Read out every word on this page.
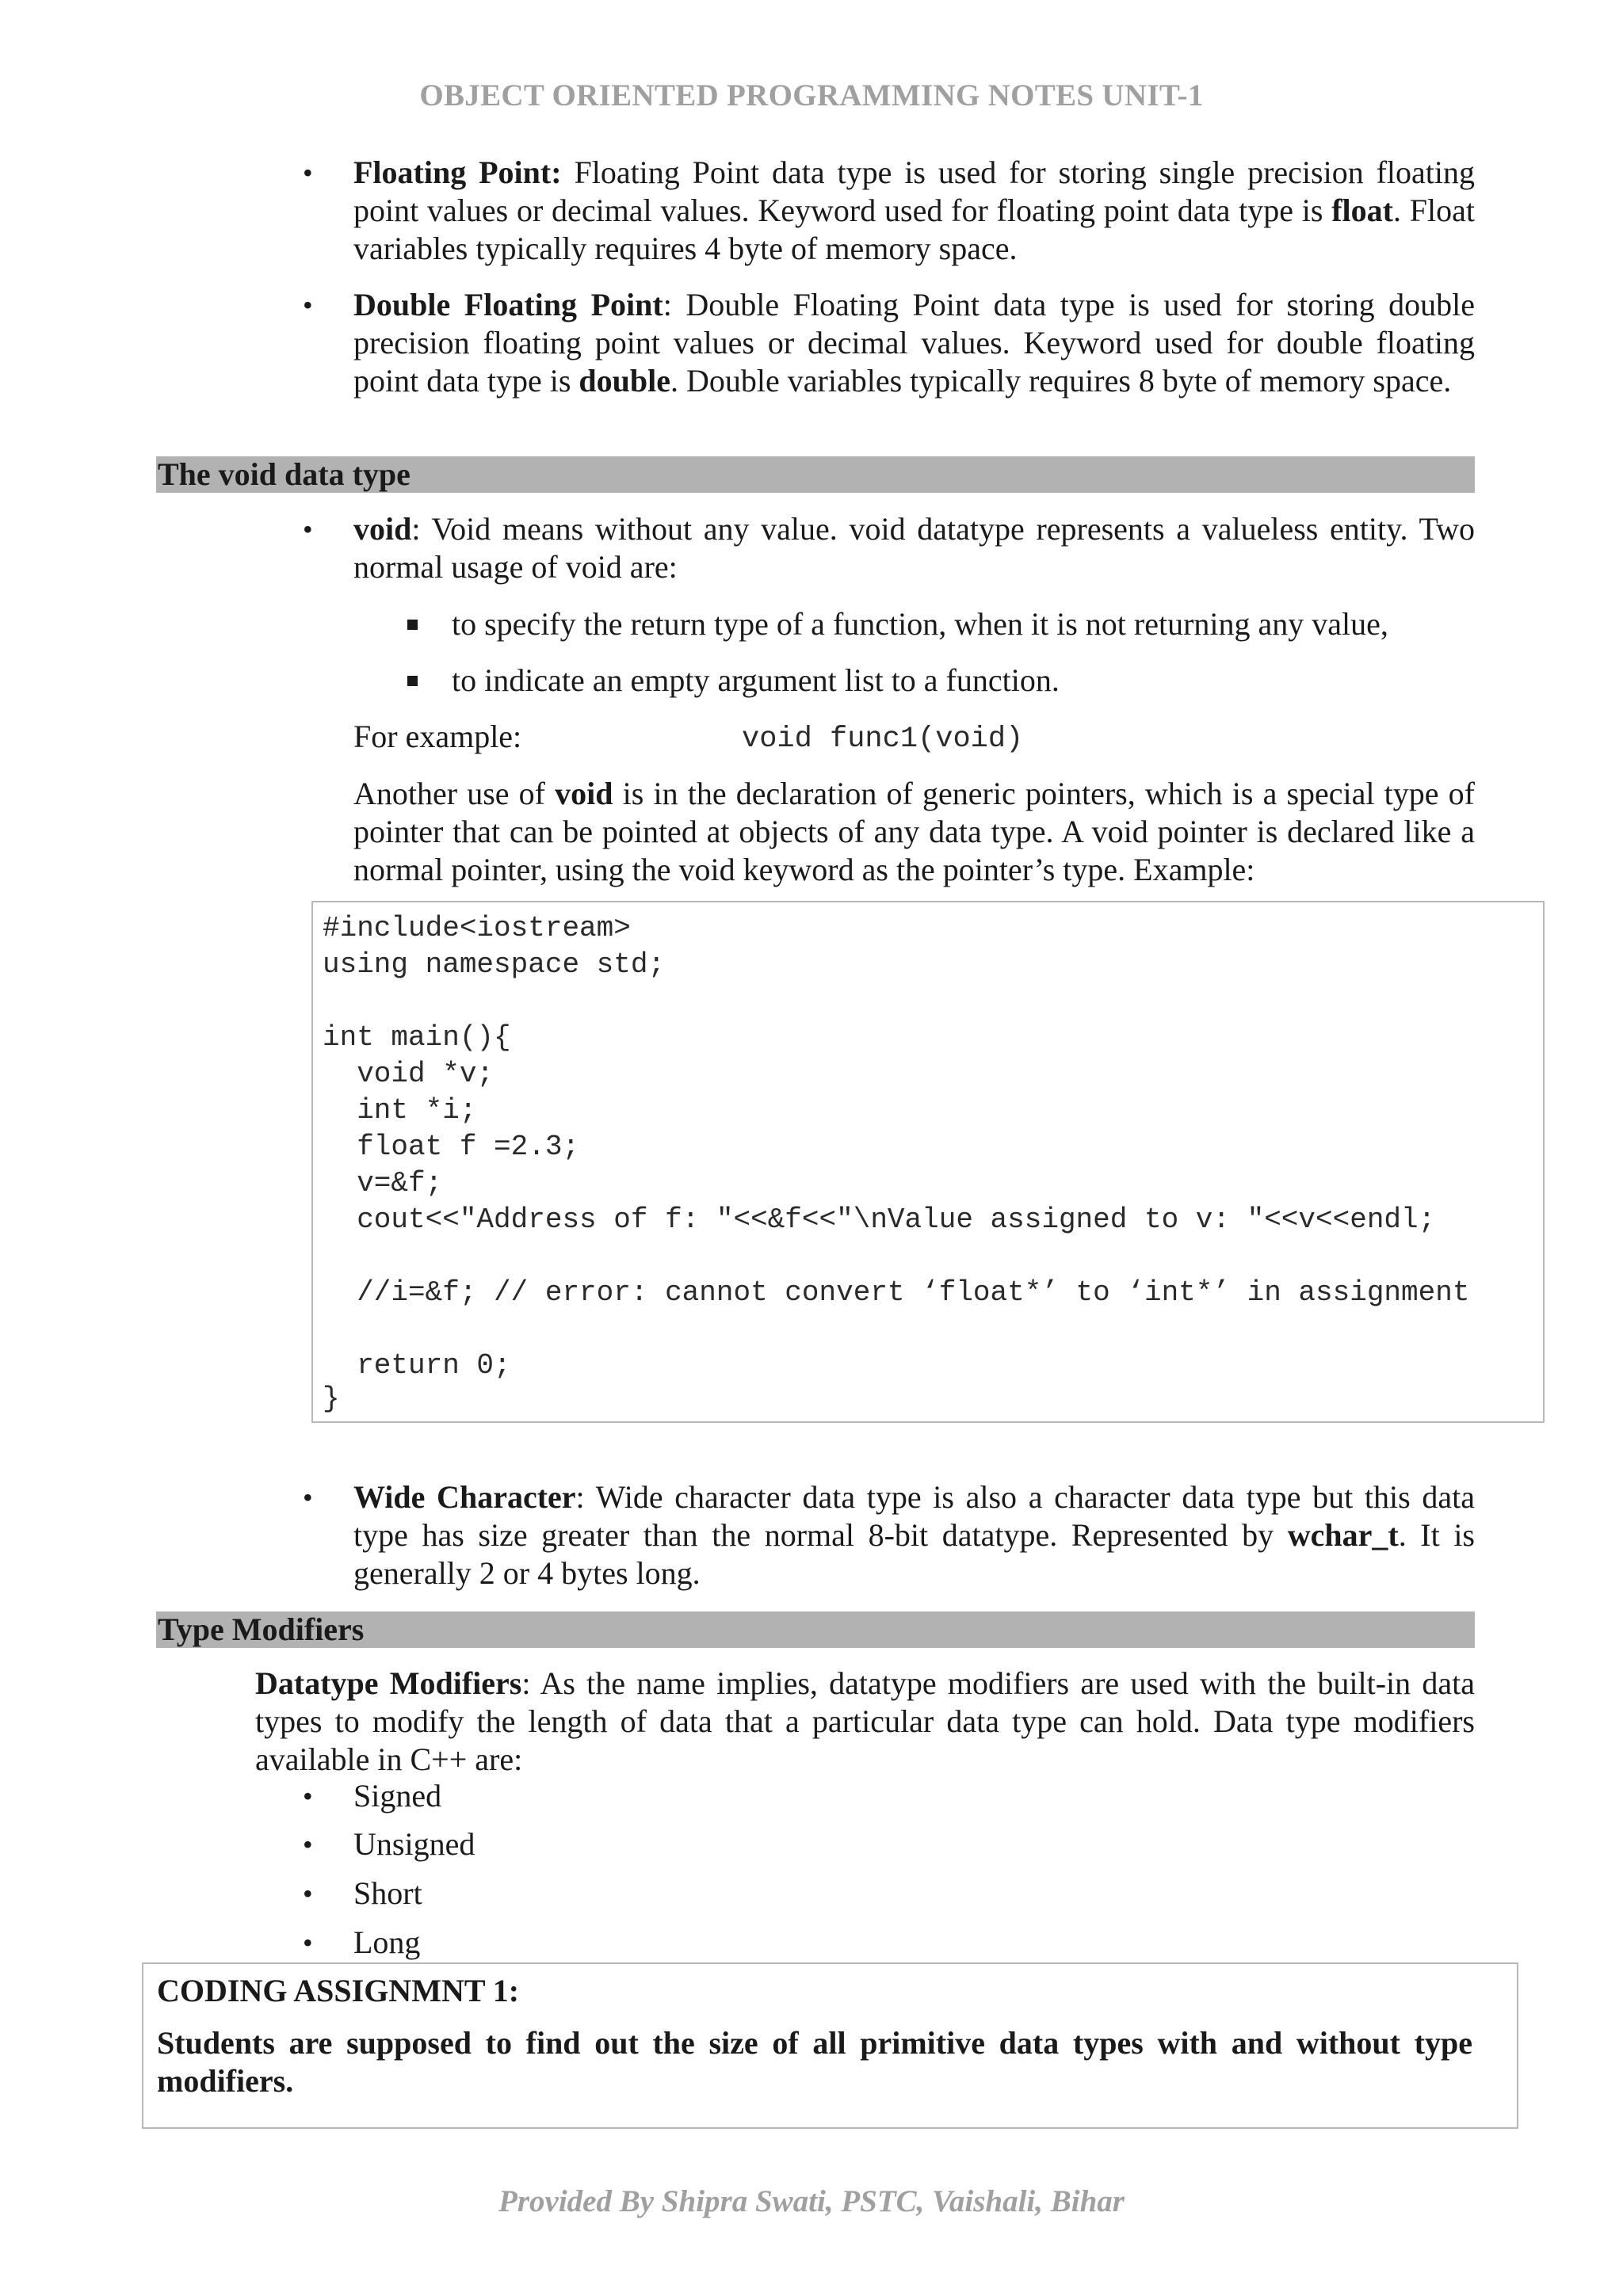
OBJECT ORIENTED PROGRAMMING NOTES UNIT-1
• Floating Point: Floating Point data type is used for storing single precision floating point values or decimal values. Keyword used for floating point data type is float. Float variables typically requires 4 byte of memory space.

• Double Floating Point: Double Floating Point data type is used for storing double precision floating point values or decimal values. Keyword used for double floating point data type is double. Double variables typically requires 8 byte of memory space.

The void data type
• void: Void means without any value. void datatype represents a valueless entity. Two normal usage of void are:

to specify the return type of a function, when it is not returning any value,
to indicate an empty argument list to a function.
For example:	void func1(void)
Another use of void is in the declaration of generic pointers, which is a special type of pointer that can be pointed at objects of any data type. A void pointer is declared like a normal pointer, using the void keyword as the pointer’s type. Example:
#include<iostream>
using namespace std;
int main(){
void *v;
int *i;
float f =2.3;
v=&f;
cout<<"Address of f: "<<&f<<"\nValue assigned to v: "<<v<<endl;
//i=&f; // error: cannot convert ‘float*’ to ‘int*’ in assignment
return 0;
}
• Wide Character: Wide character data type is also a character data type but this data type has size greater than the normal 8-bit datatype. Represented by wchar_t. It is generally 2 or 4 bytes long.

Type Modifiers
Datatype Modifiers: As the name implies, datatype modifiers are used with the built-in data types to modify the length of data that a particular data type can hold. Data type modifiers available in C++ are:
• Signed
• Unsigned
• Short
• Long
CODING ASSIGNMNT 1:
Students are supposed to find out the size of all primitive data types with and without type modifiers.
Provided By Shipra Swati, PSTC, Vaishali, Bihar
